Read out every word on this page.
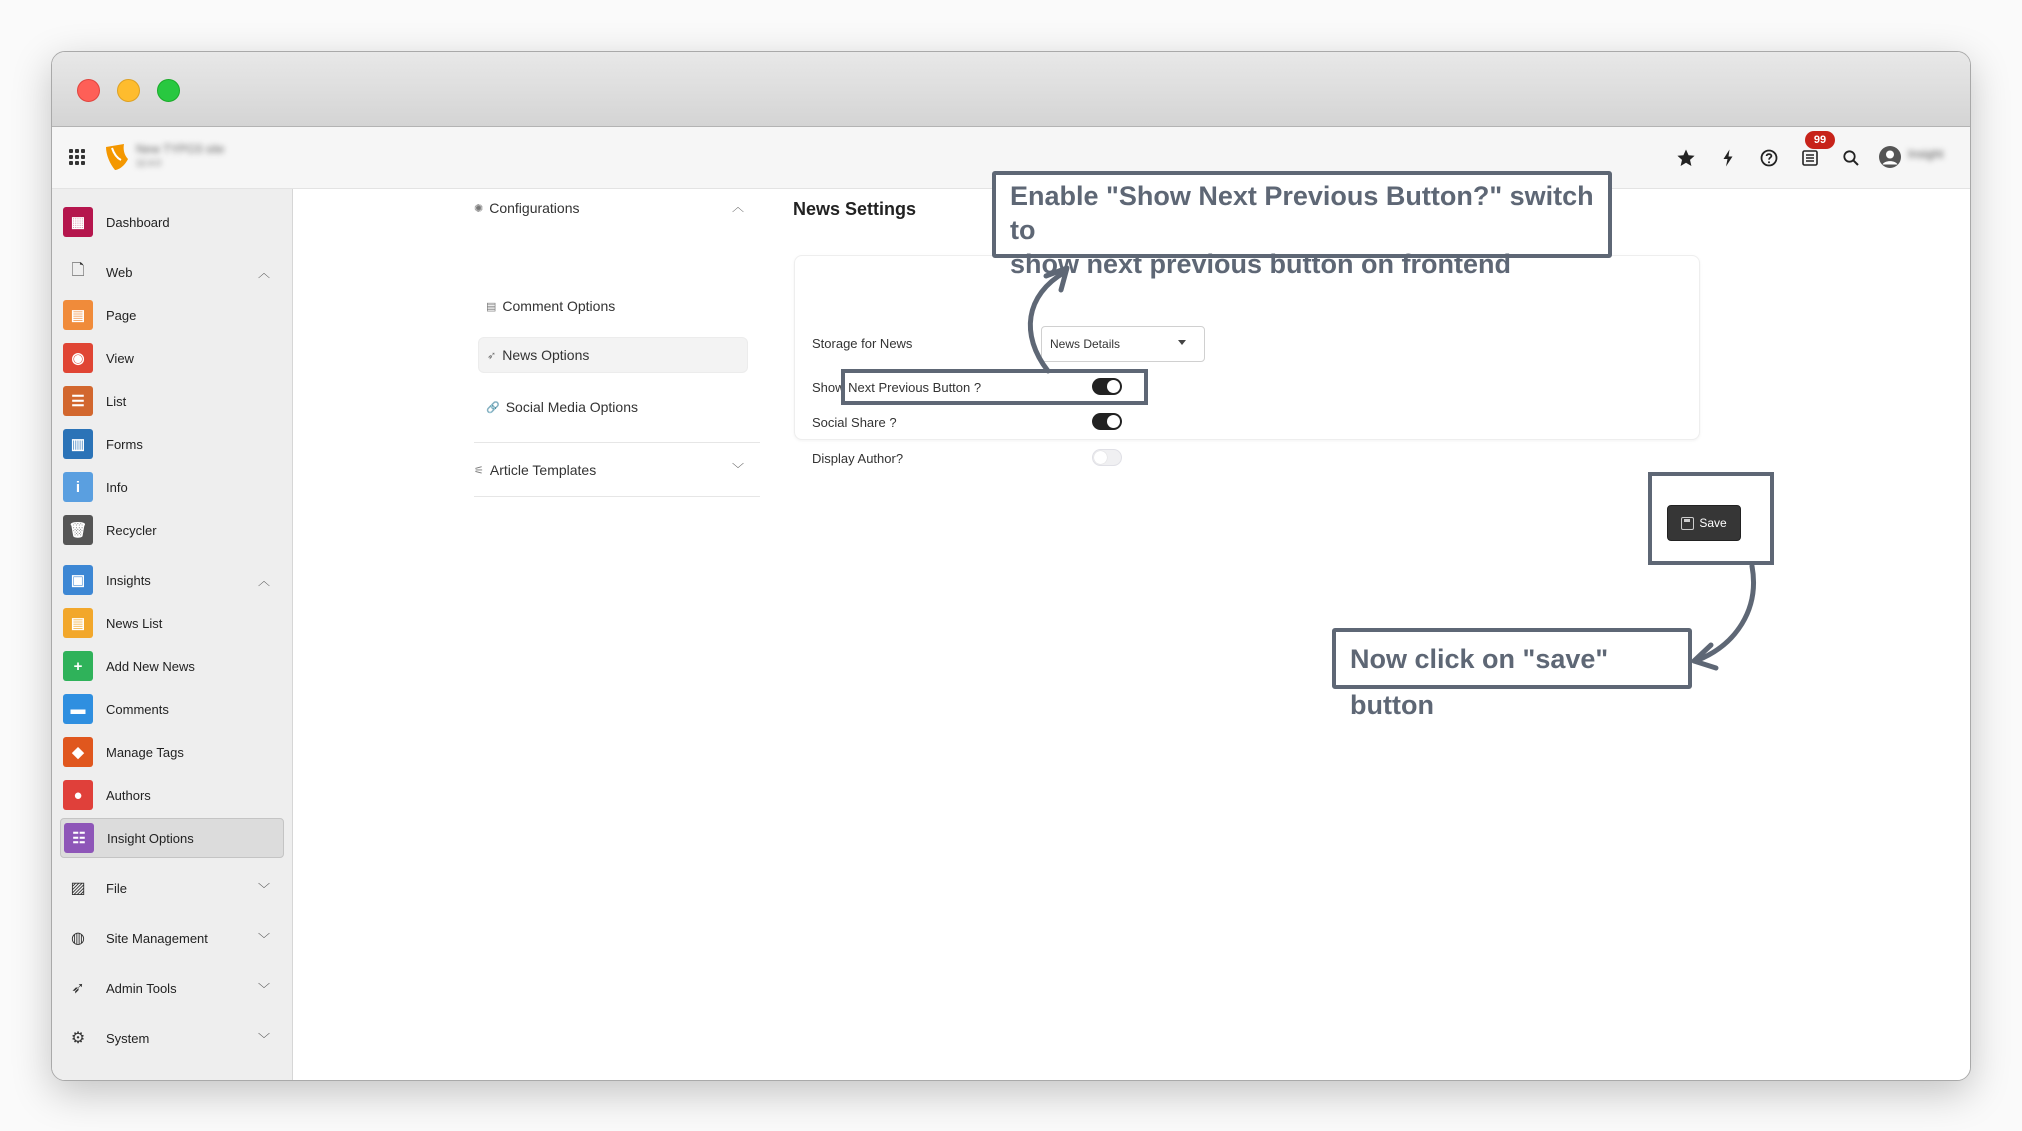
New TYPO3 site
12.4.0
99
Insight
▦	Dashboard
🗋	Web	︿
▤	Page
◉	View
☰	List
▥	Forms
i	Info
🗑	Recycler
▣	Insights	︿
▤	News List
+	Add New News
▬	Comments
◆	Manage Tags
●	Authors
☷	Insight Options
▨	File	﹀
◍	Site Management	﹀
➶	Admin Tools	﹀
⚙	System	﹀
✺ Configurations	︿
▤ Comment Options
➶ News Options
🔗 Social Media Options
⚟ Article Templates	﹀
News Settings
Storage for News	News Details
Show Next Previous Button ?
Social Share ?
Display Author?
Save
Enable "Show Next Previous Button?" switch to
show next previous button on frontend
Now click on "save" button
